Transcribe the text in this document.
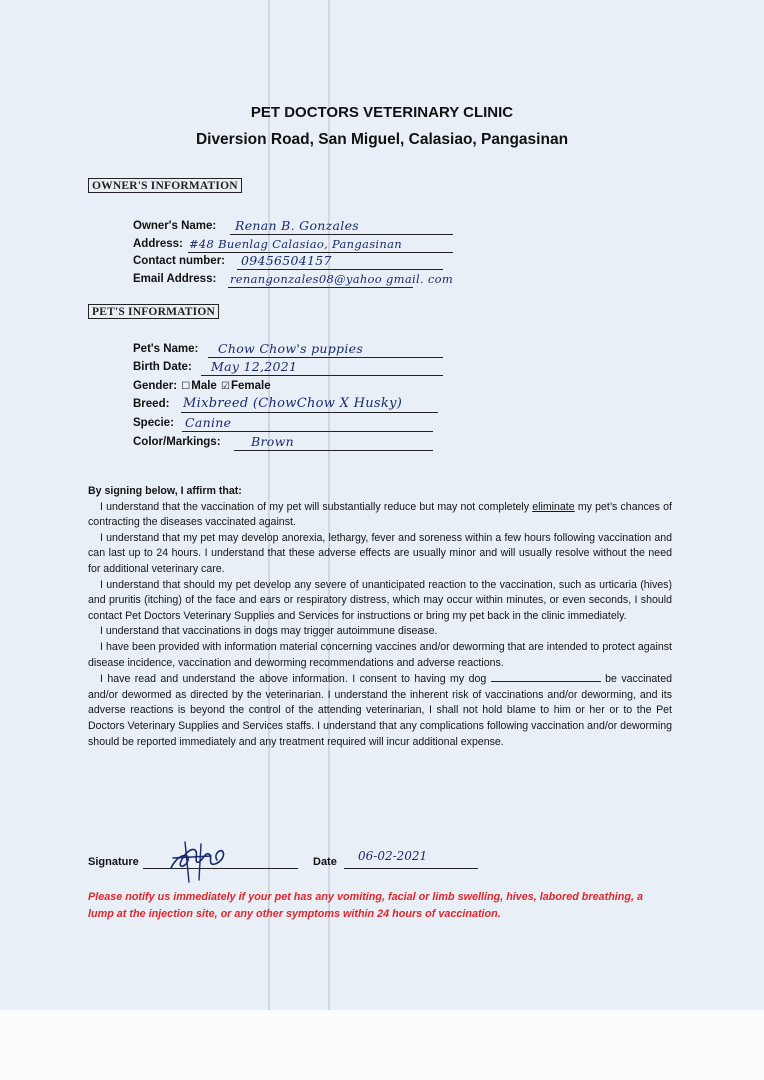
PET DOCTORS VETERINARY CLINIC
Diversion Road, San Miguel, Calasiao, Pangasinan
OWNER'S INFORMATION
Owner's Name: Renan B. Gonzales
Address: #48 Buenlag Calasiao, Pangasinan
Contact number: 09456504157
Email Address: renangonzales08@yahoo gmail. com
PET'S INFORMATION
Pet's Name: Chow Chow's puppies
Birth Date: May 12,2021
Gender: ☐Male ☑Female
Breed: Mixbreed (ChowChow X Husky)
Specie: Canine
Color/Markings: Brown

By signing below, I affirm that:

I understand that the vaccination of my pet will substantially reduce but may not completely eliminate my pet’s chances of contracting the diseases vaccinated against.

I understand that my pet may develop anorexia, lethargy, fever and soreness within a few hours following vaccination and can last up to 24 hours. I understand that these adverse effects are usually minor and will usually resolve without the need for additional veterinary care.

I understand that should my pet develop any severe of unanticipated reaction to the vaccination, such as urticaria (hives) and pruritis (itching) of the face and ears or respiratory distress, which may occur within minutes, or even seconds, I should contact Pet Doctors Veterinary Supplies and Services for instructions or bring my pet back in the clinic immediately.

I understand that vaccinations in dogs may trigger autoimmune disease.

I have been provided with information material concerning vaccines and/or deworming that are intended to protect against disease incidence, vaccination and deworming recommendations and adverse reactions.

I have read and understand the above information. I consent to having my dog	be vaccinated and/or dewormed as directed by the veterinarian. I understand the inherent risk of vaccinations and/or deworming, and its adverse reactions is beyond the control of the attending veterinarian, I shall not hold blame to him or her or to the Pet Doctors Veterinary Supplies and Services staffs. I understand that any complications following vaccination and/or deworming should be reported immediately and any treatment required will incur additional expense.

Signature	Date 06-02-2021
Please notify us immediately if your pet has any vomiting, facial or limb swelling, hives, labored breathing, a lump at the injection site, or any other symptoms within 24 hours of vaccination.
